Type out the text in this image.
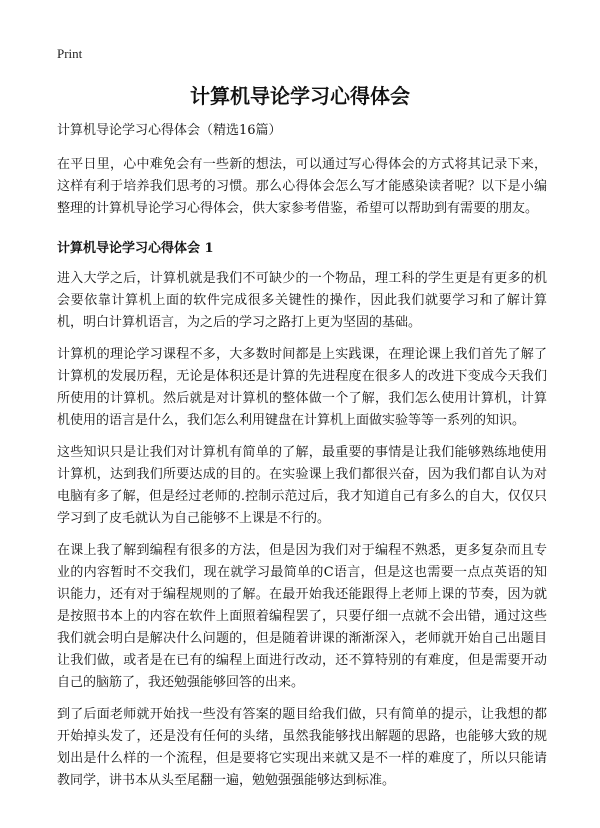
Print
计算机导论学习心得体会

计算机导论学习心得体会（精选16篇）

在平日里，心中难免会有一些新的想法，可以通过写心得体会的方式将其记录下来，这样有利于培养我们思考的习惯。那么心得体会怎么写才能感染读者呢？以下是小编整理的计算机导论学习心得体会，供大家参考借鉴，希望可以帮助到有需要的朋友。

计算机导论学习心得体会 1

进入大学之后，计算机就是我们不可缺少的一个物品，理工科的学生更是有更多的机会要依靠计算机上面的软件完成很多关键性的操作，因此我们就要学习和了解计算机，明白计算机语言，为之后的学习之路打上更为坚固的基础。

计算机的理论学习课程不多，大多数时间都是上实践课，在理论课上我们首先了解了计算机的发展历程，无论是体积还是计算的先进程度在很多人的改进下变成今天我们所使用的计算机。然后就是对计算机的整体做一个了解，我们怎么使用计算机，计算机使用的语言是什么，我们怎么利用键盘在计算机上面做实验等等一系列的知识。

这些知识只是让我们对计算机有简单的了解，最重要的事情是让我们能够熟练地使用计算机，达到我们所要达成的目的。在实验课上我们都很兴奋，因为我们都自认为对电脑有多了解，但是经过老师的.控制示范过后，我才知道自己有多么的自大，仅仅只学习到了皮毛就认为自己能够不上课是不行的。

在课上我了解到编程有很多的方法，但是因为我们对于编程不熟悉，更多复杂而且专业的内容暂时不交我们，现在就学习最简单的C语言，但是这也需要一点点英语的知识能力，还有对于编程规则的了解。在最开始我还能跟得上老师上课的节奏，因为就是按照书本上的内容在软件上面照着编程罢了，只要仔细一点就不会出错，通过这些我们就会明白是解决什么问题的，但是随着讲课的渐渐深入，老师就开始自己出题目让我们做，或者是在已有的编程上面进行改动，还不算特别的有难度，但是需要开动自己的脑筋了，我还勉强能够回答的出来。

到了后面老师就开始找一些没有答案的题目给我们做，只有简单的提示，让我想的都开始掉头发了，还是没有任何的头绪，虽然我能够找出解题的思路，也能够大致的规划出是什么样的一个流程，但是要将它实现出来就又是不一样的难度了，所以只能请教同学，讲书本从头至尾翻一遍，勉勉强强能够达到标准。
